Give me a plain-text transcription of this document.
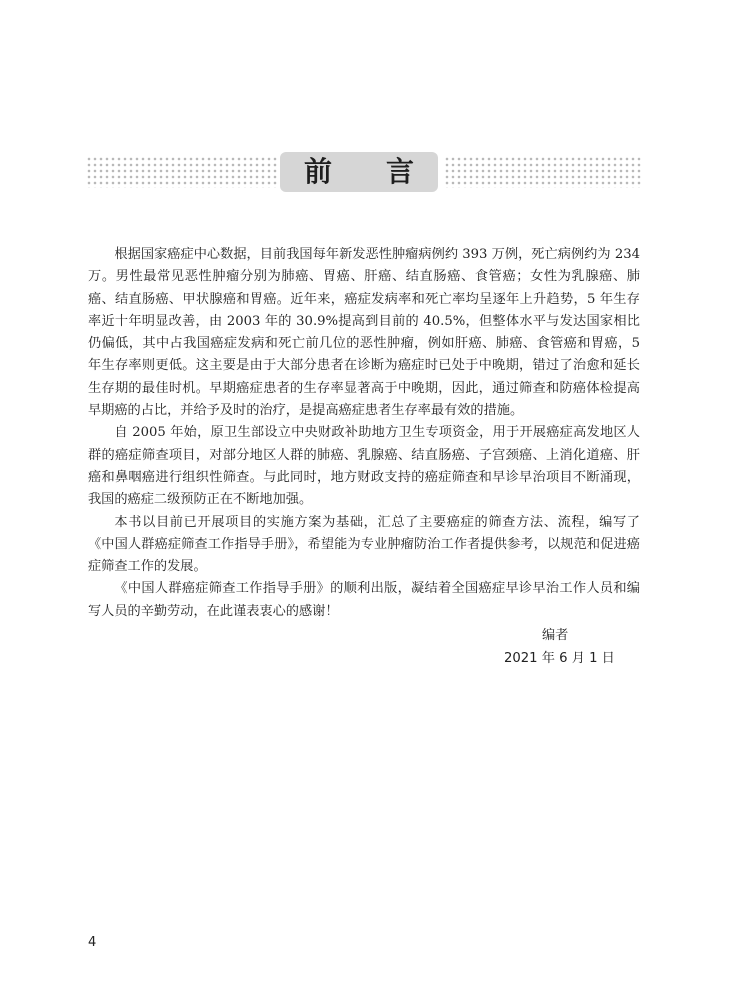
前 言

根据国家癌症中心数据，目前我国每年新发恶性肿瘤病例约 393 万例，死亡病例约为 234 万。男性最常见恶性肿瘤分别为肺癌、胃癌、肝癌、结直肠癌、食管癌；女性为乳腺癌、肺癌、结直肠癌、甲状腺癌和胃癌。近年来，癌症发病率和死亡率均呈逐年上升趋势，5 年生存率近十年明显改善，由 2003 年的 30.9%提高到目前的 40.5%，但整体水平与发达国家相比仍偏低，其中占我国癌症发病和死亡前几位的恶性肿瘤，例如肝癌、肺癌、食管癌和胃癌，5 年生存率则更低。这主要是由于大部分患者在诊断为癌症时已处于中晚期，错过了治愈和延长生存期的最佳时机。早期癌症患者的生存率显著高于中晚期，因此，通过筛查和防癌体检提高早期癌的占比，并给予及时的治疗，是提高癌症患者生存率最有效的措施。

自 2005 年始，原卫生部设立中央财政补助地方卫生专项资金，用于开展癌症高发地区人群的癌症筛查项目，对部分地区人群的肺癌、乳腺癌、结直肠癌、子宫颈癌、上消化道癌、肝癌和鼻咽癌进行组织性筛查。与此同时，地方财政支持的癌症筛查和早诊早治项目不断涌现，我国的癌症二级预防正在不断地加强。

本书以目前已开展项目的实施方案为基础，汇总了主要癌症的筛查方法、流程，编写了《中国人群癌症筛查工作指导手册》，希望能为专业肿瘤防治工作者提供参考，以规范和促进癌症筛查工作的发展。

《中国人群癌症筛查工作指导手册》的顺利出版，凝结着全国癌症早诊早治工作人员和编写人员的辛勤劳动，在此谨表衷心的感谢！

编者
2021 年 6 月 1 日
4
